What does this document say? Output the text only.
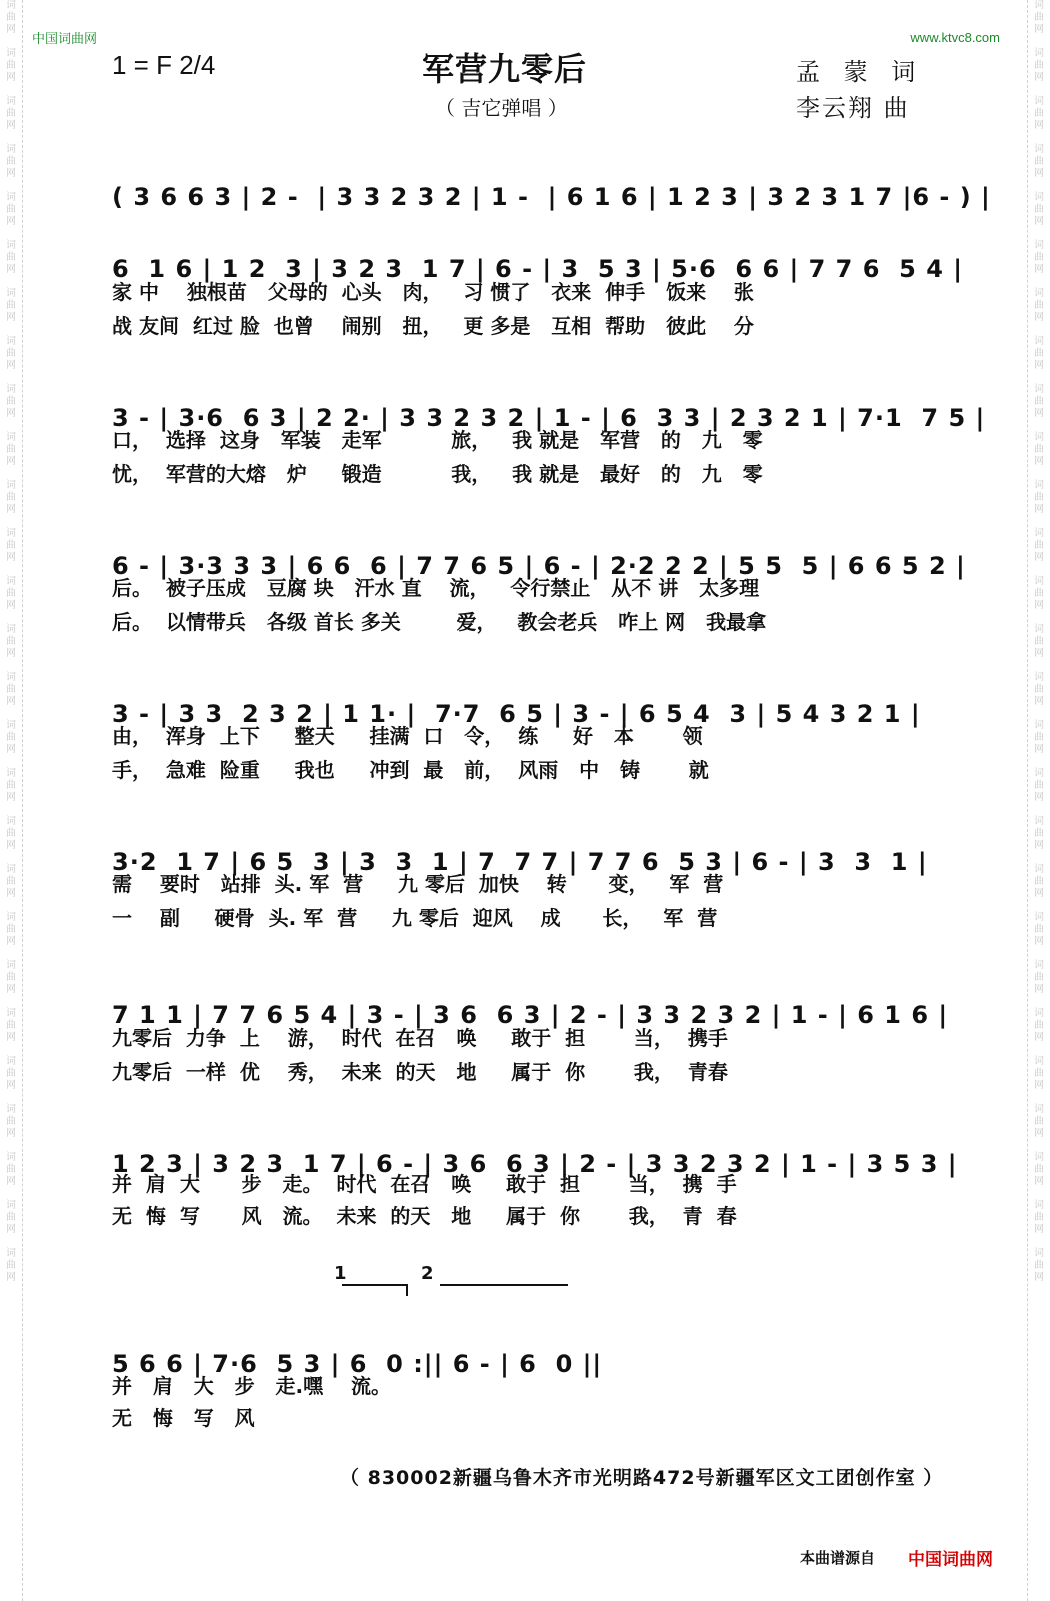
词
曲
网
词
曲
网
词
曲
网
词
曲
网
词
曲
网
词
曲
网
词
曲
网
词
曲
网
词
曲
网
词
曲
网
词
曲
网
词
曲
网
词
曲
网
词
曲
网
词
曲
网
词
曲
网
词
曲
网
词
曲
网
词
曲
网
词
曲
网
词
曲
网
词
曲
网
词
曲
网
词
曲
网
词
曲
网
词
曲
网
词
曲
网
词
曲
网
词
曲
网
词
曲
网
词
曲
网
词
曲
网
词
曲
网
词
曲
网
词
曲
网
词
曲
网
词
曲
网
词
曲
网
词
曲
网
词
曲
网
词
曲
网
词
曲
网
词
曲
网
词
曲
网
词
曲
网
词
曲
网
词
曲
网
词
曲
网
词
曲
网
词
曲
网
词
曲
网
词
曲
网
词
曲
网
词
曲
网
中国词曲网	www.ktvc8.com
1 = F 2/4	军营九零后
（ 吉它弹唱 ）
孟 蒙 词
李云翔 曲

( 3 6 6 3 | 2 -  | 3 3 2 3 2 | 1 -  | 6 1 6 | 1 2 3 | 3 2 3 1 7 |6 - ) |

6  1 6 | 1 2  3 | 3 2 3  1 7 | 6 - | 3  5 3 | 5·6  6 6 | 7 7 6  5 4 |

家 中    独根苗   父母的  心头   肉，   习 惯了   衣来  伸手   饭来    张
战 友间  红过 脸  也曾    闹别   扭，   更 多是   互相  帮助   彼此    分

3 - | 3·6  6 3 | 2 2· | 3 3 2 3 2 | 1 - | 6  3 3 | 2 3 2 1 | 7·1  7 5 |

口，  选择  这身   军装   走军          旅，   我 就是   军营   的   九   零
忧，  军营的大熔   炉     锻造          我，   我 就是   最好   的   九   零

6 - | 3·3 3 3 | 6 6  6 | 7 7 6 5 | 6 - | 2·2 2 2 | 5 5  5 | 6 6 5 2 |

后。  被子压成   豆腐 块   汗水 直    流，   令行禁止   从不 讲   太多理
后。  以情带兵   各级 首长 多关        爱，   教会老兵   咋上 网   我最拿

3 - | 3 3  2 3 2 | 1 1· |  7·7  6 5 | 3 - | 6 5 4  3 | 5 4 3 2 1 |

由，  浑身  上下     整天     挂满  口   令，  练     好   本       领
手，  急难  险重     我也     冲到  最   前，  风雨   中   铸       就

3·2  1 7 | 6 5  3 | 3  3  1 | 7  7 7 | 7 7 6  5 3 | 6 - | 3  3  1 |

需    要时   站排  头. 军  营     九 零后  加快    转      变，   军  营
一    副     硬骨  头. 军  营     九 零后  迎风    成      长，   军  营

7 1 1 | 7 7 6 5 4 | 3 - | 3 6  6 3 | 2 - | 3 3 2 3 2 | 1 - | 6 1 6 |

九零后  力争  上    游，  时代  在召   唤     敢于  担       当，  携手
九零后  一样  优    秀，  未来  的天   地     属于  你       我，  青春

1 2 3 | 3 2 3  1 7 | 6 - | 3 6  6 3 | 2 - | 3 3 2 3 2 | 1 - | 3 5 3 |

并  肩  大      步   走。  时代  在召   唤     敢于  担       当，  携  手
无  悔  写      风   流。  未来  的天   地     属于  你       我，  青  春
1	2

5 6 6 | 7·6  5 3 | 6  0 :|| 6 - | 6  0 ||

并   肩   大   步   走.嘿    流。
无   悔   写   风
（ 830002新疆乌鲁木齐市光明路472号新疆军区文工团创作室 ）
本曲谱源自 中国词曲网
